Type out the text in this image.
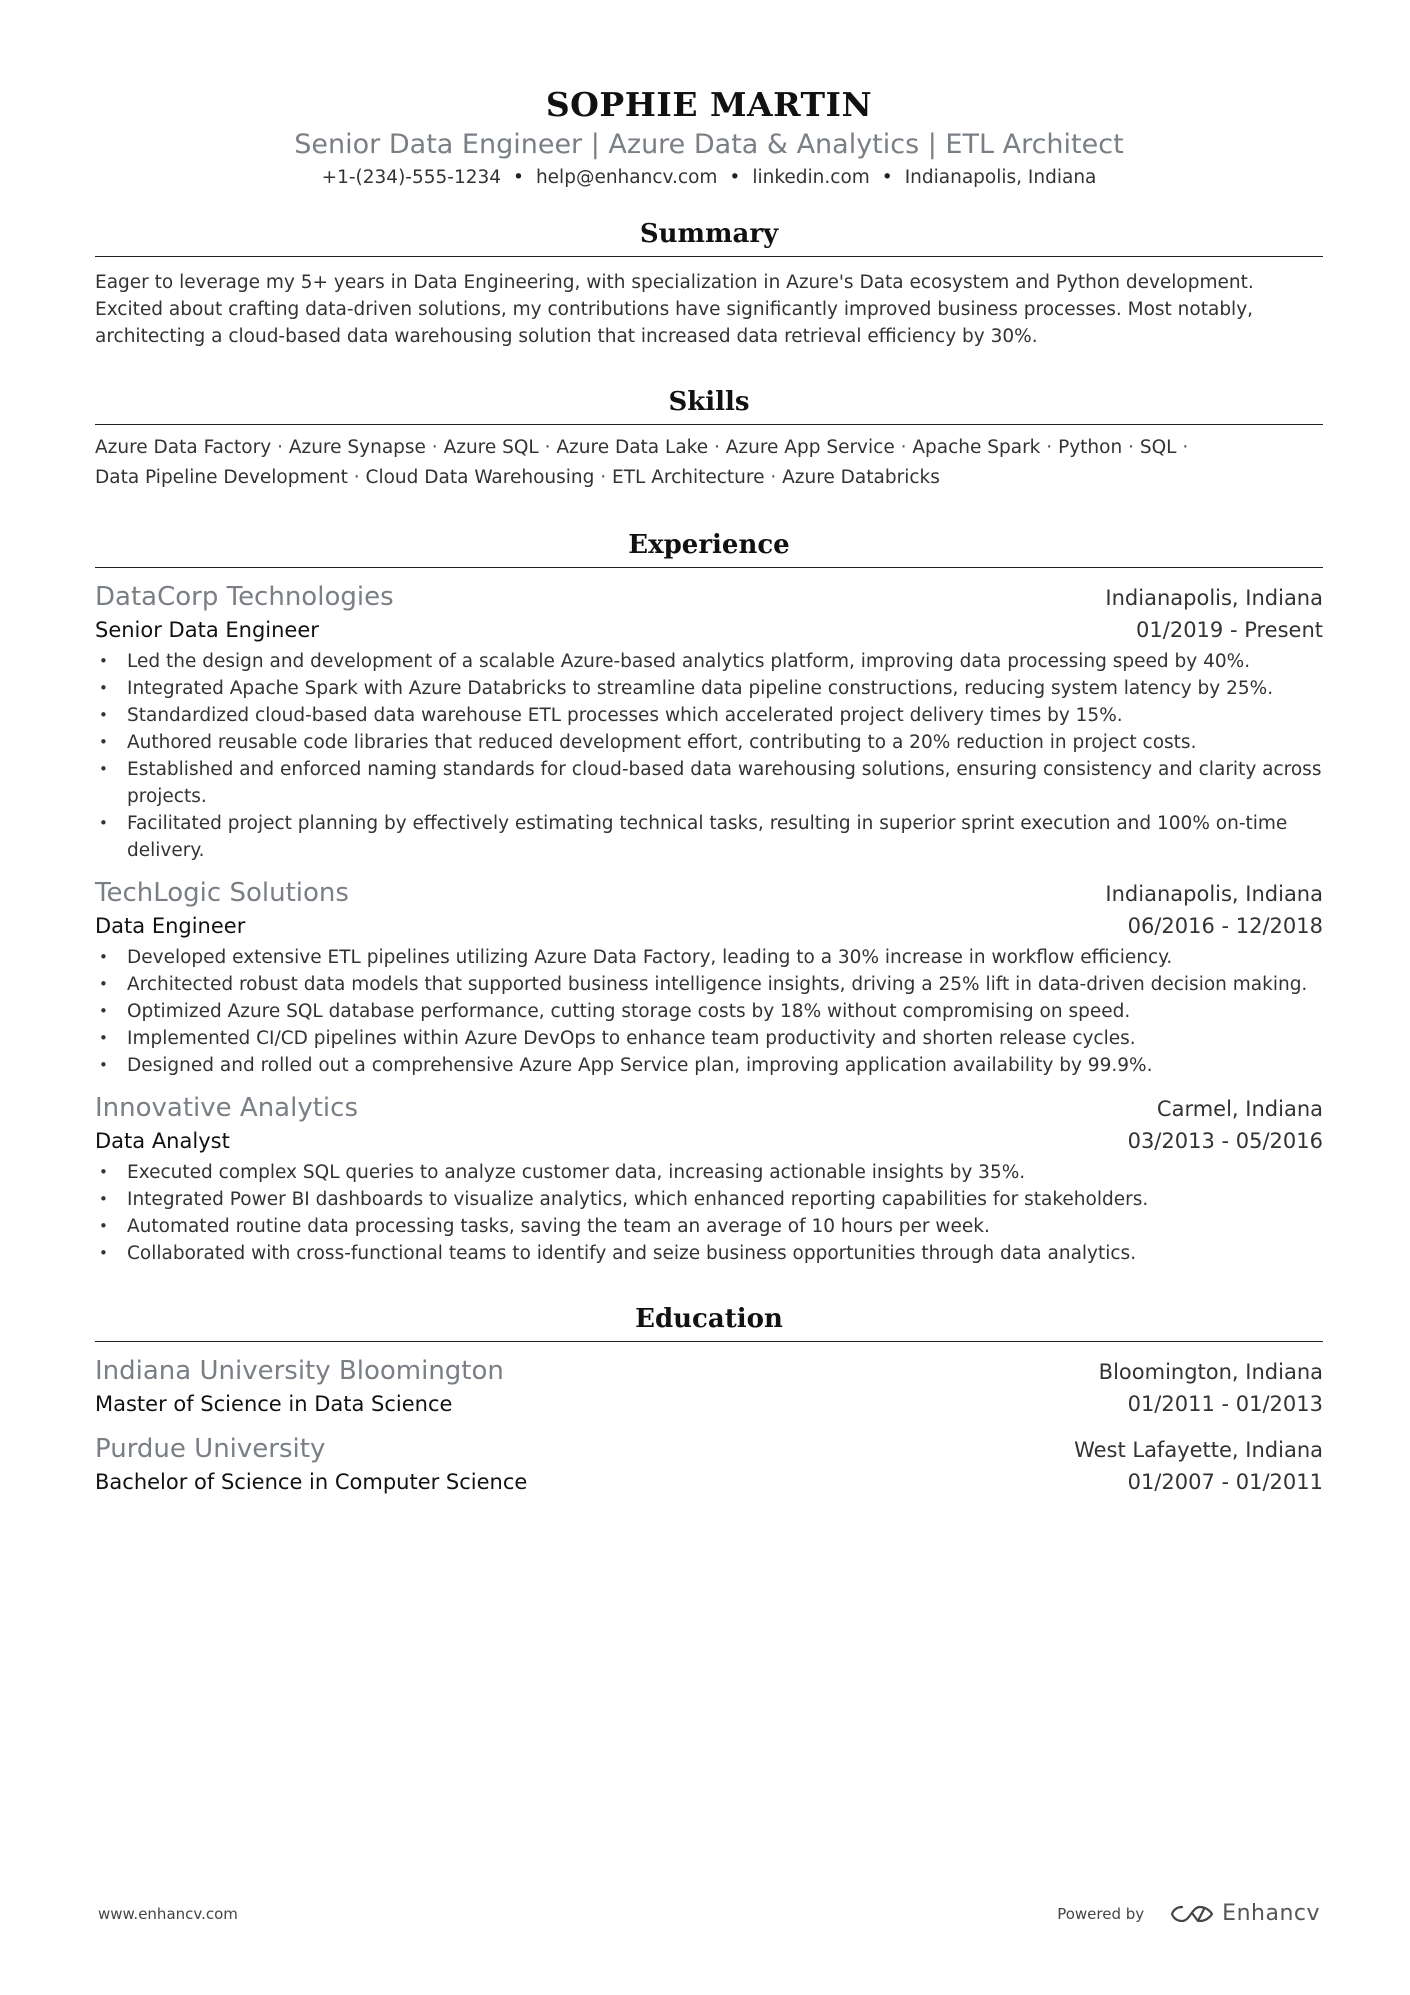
SOPHIE MARTIN
Senior Data Engineer | Azure Data & Analytics | ETL Architect
+1-(234)-555-1234 • help@enhancv.com • linkedin.com • Indianapolis, Indiana
Summary
Eager to leverage my 5+ years in Data Engineering, with specialization in Azure's Data ecosystem and Python development. Excited about crafting data-driven solutions, my contributions have significantly improved business processes. Most notably, architecting a cloud-based data warehousing solution that increased data retrieval efficiency by 30%.
Skills
Azure Data Factory · Azure Synapse · Azure SQL · Azure Data Lake · Azure App Service · Apache Spark · Python · SQL ·
Data Pipeline Development · Cloud Data Warehousing · ETL Architecture · Azure Databricks
Experience
DataCorp Technologies	Indianapolis, Indiana
Senior Data Engineer	01/2019 - Present
• Led the design and development of a scalable Azure-based analytics platform, improving data processing speed by 40%.
• Integrated Apache Spark with Azure Databricks to streamline data pipeline constructions, reducing system latency by 25%.
• Standardized cloud-based data warehouse ETL processes which accelerated project delivery times by 15%.
• Authored reusable code libraries that reduced development effort, contributing to a 20% reduction in project costs.
• Established and enforced naming standards for cloud-based data warehousing solutions, ensuring consistency and clarity across projects.
• Facilitated project planning by effectively estimating technical tasks, resulting in superior sprint execution and 100% on-time delivery.
TechLogic Solutions	Indianapolis, Indiana
Data Engineer	06/2016 - 12/2018
• Developed extensive ETL pipelines utilizing Azure Data Factory, leading to a 30% increase in workflow efficiency.
• Architected robust data models that supported business intelligence insights, driving a 25% lift in data-driven decision making.
• Optimized Azure SQL database performance, cutting storage costs by 18% without compromising on speed.
• Implemented CI/CD pipelines within Azure DevOps to enhance team productivity and shorten release cycles.
• Designed and rolled out a comprehensive Azure App Service plan, improving application availability by 99.9%.
Innovative Analytics	Carmel, Indiana
Data Analyst	03/2013 - 05/2016
• Executed complex SQL queries to analyze customer data, increasing actionable insights by 35%.
• Integrated Power BI dashboards to visualize analytics, which enhanced reporting capabilities for stakeholders.
• Automated routine data processing tasks, saving the team an average of 10 hours per week.
• Collaborated with cross-functional teams to identify and seize business opportunities through data analytics.
Education
Indiana University Bloomington	Bloomington, Indiana
Master of Science in Data Science	01/2011 - 01/2013
Purdue University	West Lafayette, Indiana
Bachelor of Science in Computer Science	01/2007 - 01/2011
www.enhancv.com	Powered by	Enhancv
